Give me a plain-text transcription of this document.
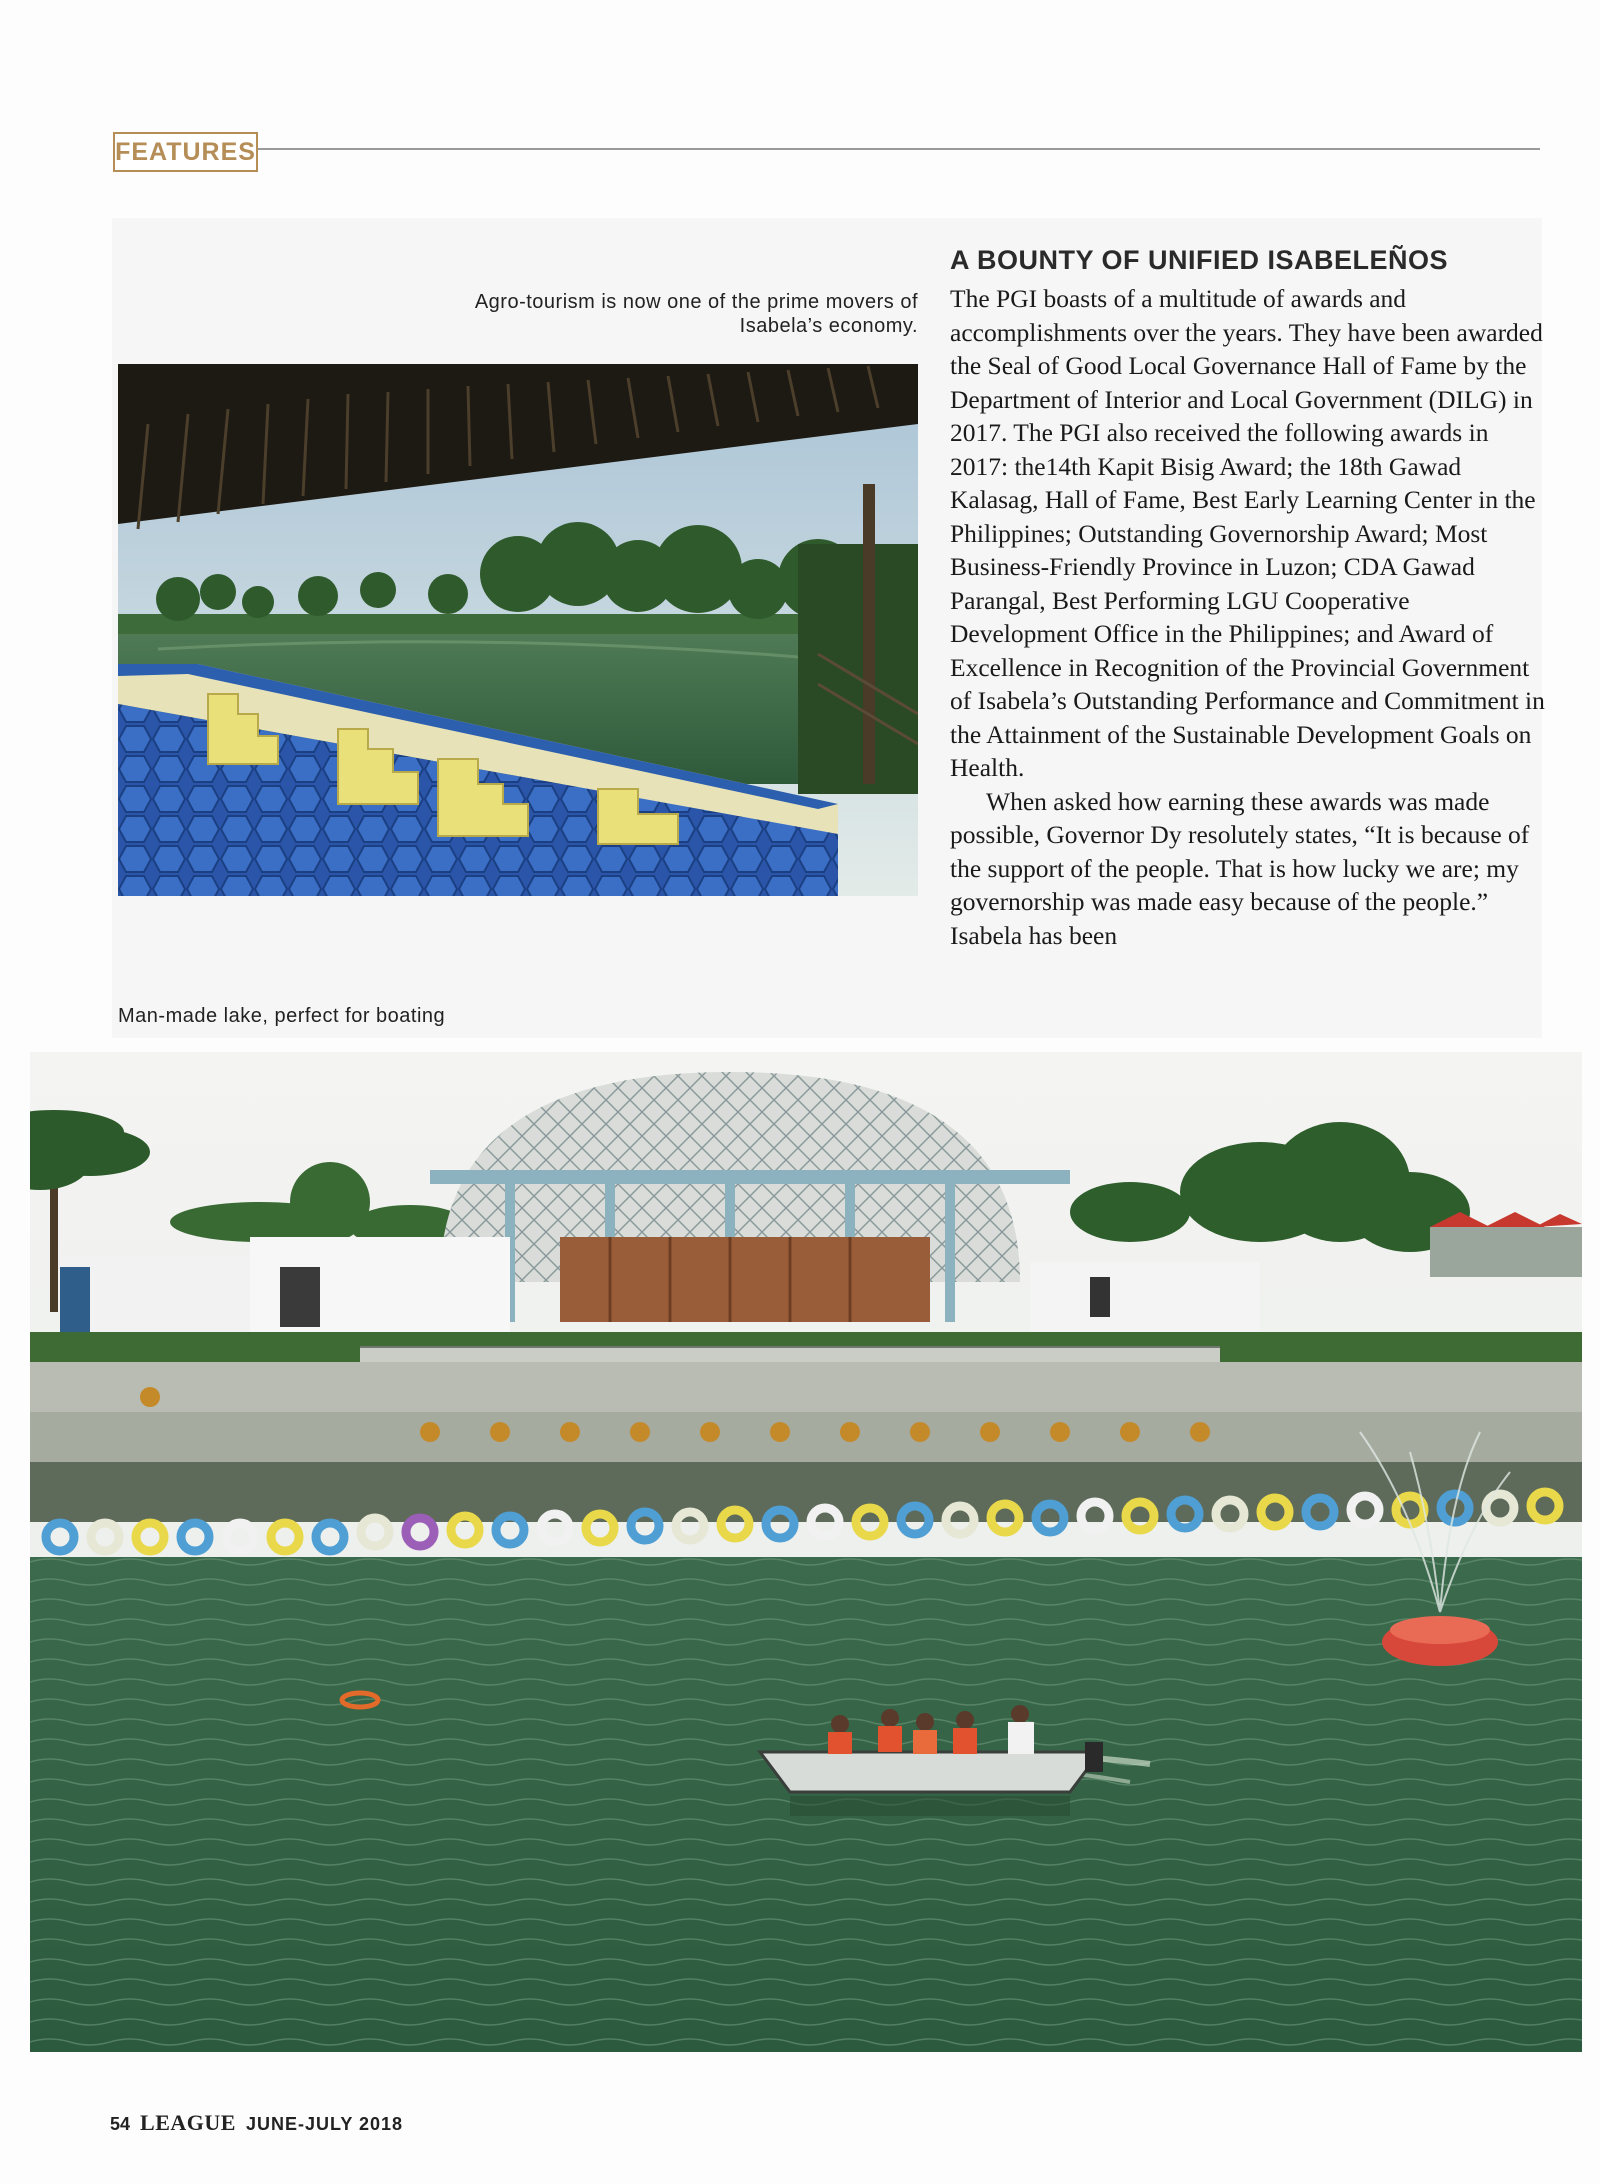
FEATURES
Agro-tourism is now one of the prime movers of Isabela’s economy.
A BOUNTY OF UNIFIED ISABELEÑOS

The PGI boasts of a multitude of awards and accomplishments over the years. They have been awarded the Seal of Good Local Governance Hall of Fame by the Department of Interior and Local Government (DILG) in 2017. The PGI also received the following awards in 2017: the14th Kapit Bisig Award; the 18th Gawad Kalasag, Hall of Fame, Best Early Learning Center in the Philippines; Outstanding Governorship Award; Most Business-Friendly Province in Luzon; CDA Gawad Parangal, Best Performing LGU Cooperative Development Office in the Philippines; and Award of Excellence in Recognition of the Provincial Government of Isabela’s Outstanding Performance and Commitment in the Attainment of the Sustainable Development Goals on Health.

When asked how earning these awards was made possible, Governor Dy resolutely states, “It is because of the support of the people. That is how lucky we are; my governorship was made easy because of the people.” Isabela has been

Man-made lake, perfect for boating
54 LEAGUE JUNE-JULY 2018
